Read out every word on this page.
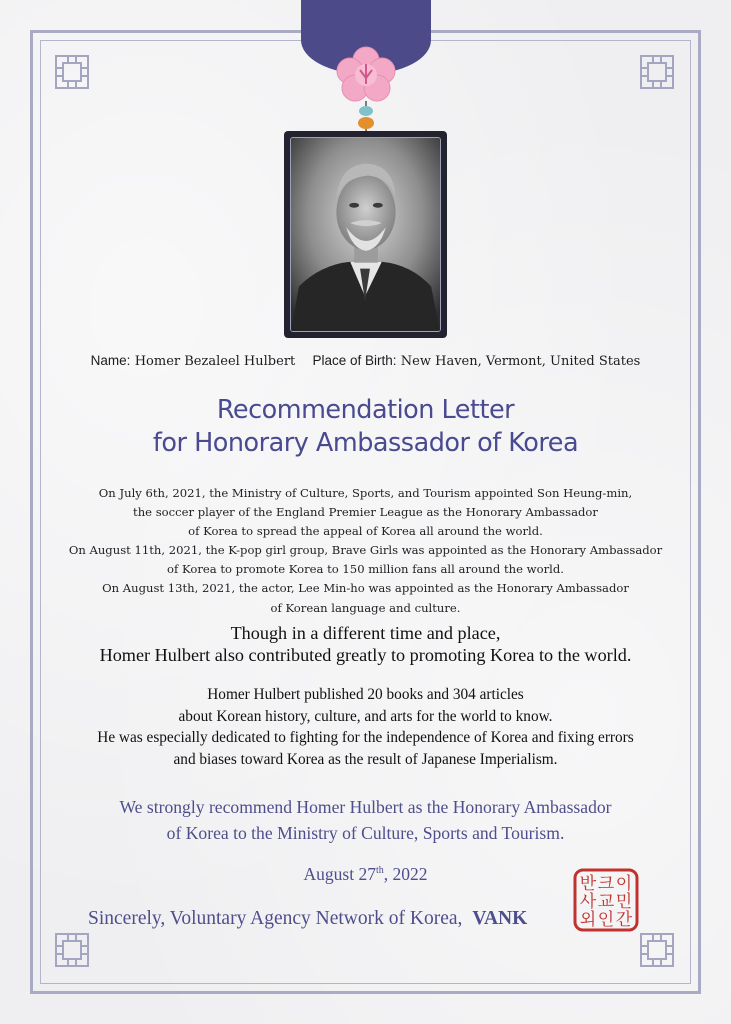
Name: Homer Bezaleel Hulbert Place of Birth: New Haven, Vermont, United States
Recommendation Letter
for Honorary Ambassador of Korea
On July 6th, 2021, the Ministry of Culture, Sports, and Tourism appointed Son Heung-min,
the soccer player of the England Premier League as the Honorary Ambassador
of Korea to spread the appeal of Korea all around the world.
On August 11th, 2021, the K-pop girl group, Brave Girls was appointed as the Honorary Ambassador
of Korea to promote Korea to 150 million fans all around the world.
On August 13th, 2021, the actor, Lee Min-ho was appointed as the Honorary Ambassador
of Korean language and culture.
Though in a different time and place,
Homer Hulbert also contributed greatly to promoting Korea to the world.
Homer Hulbert published 20 books and 304 articles
about Korean history, culture, and arts for the world to know.
He was especially dedicated to fighting for the independence of Korea and fixing errors
and biases toward Korea as the result of Japanese Imperialism.
We strongly recommend Homer Hulbert as the Honorary Ambassador
of Korea to the Ministry of Culture, Sports and Tourism.
August 27th, 2022
Sincerely, Voluntary Agency Network of Korea, VANK
반 크 이
사 교 민
외 인 간
